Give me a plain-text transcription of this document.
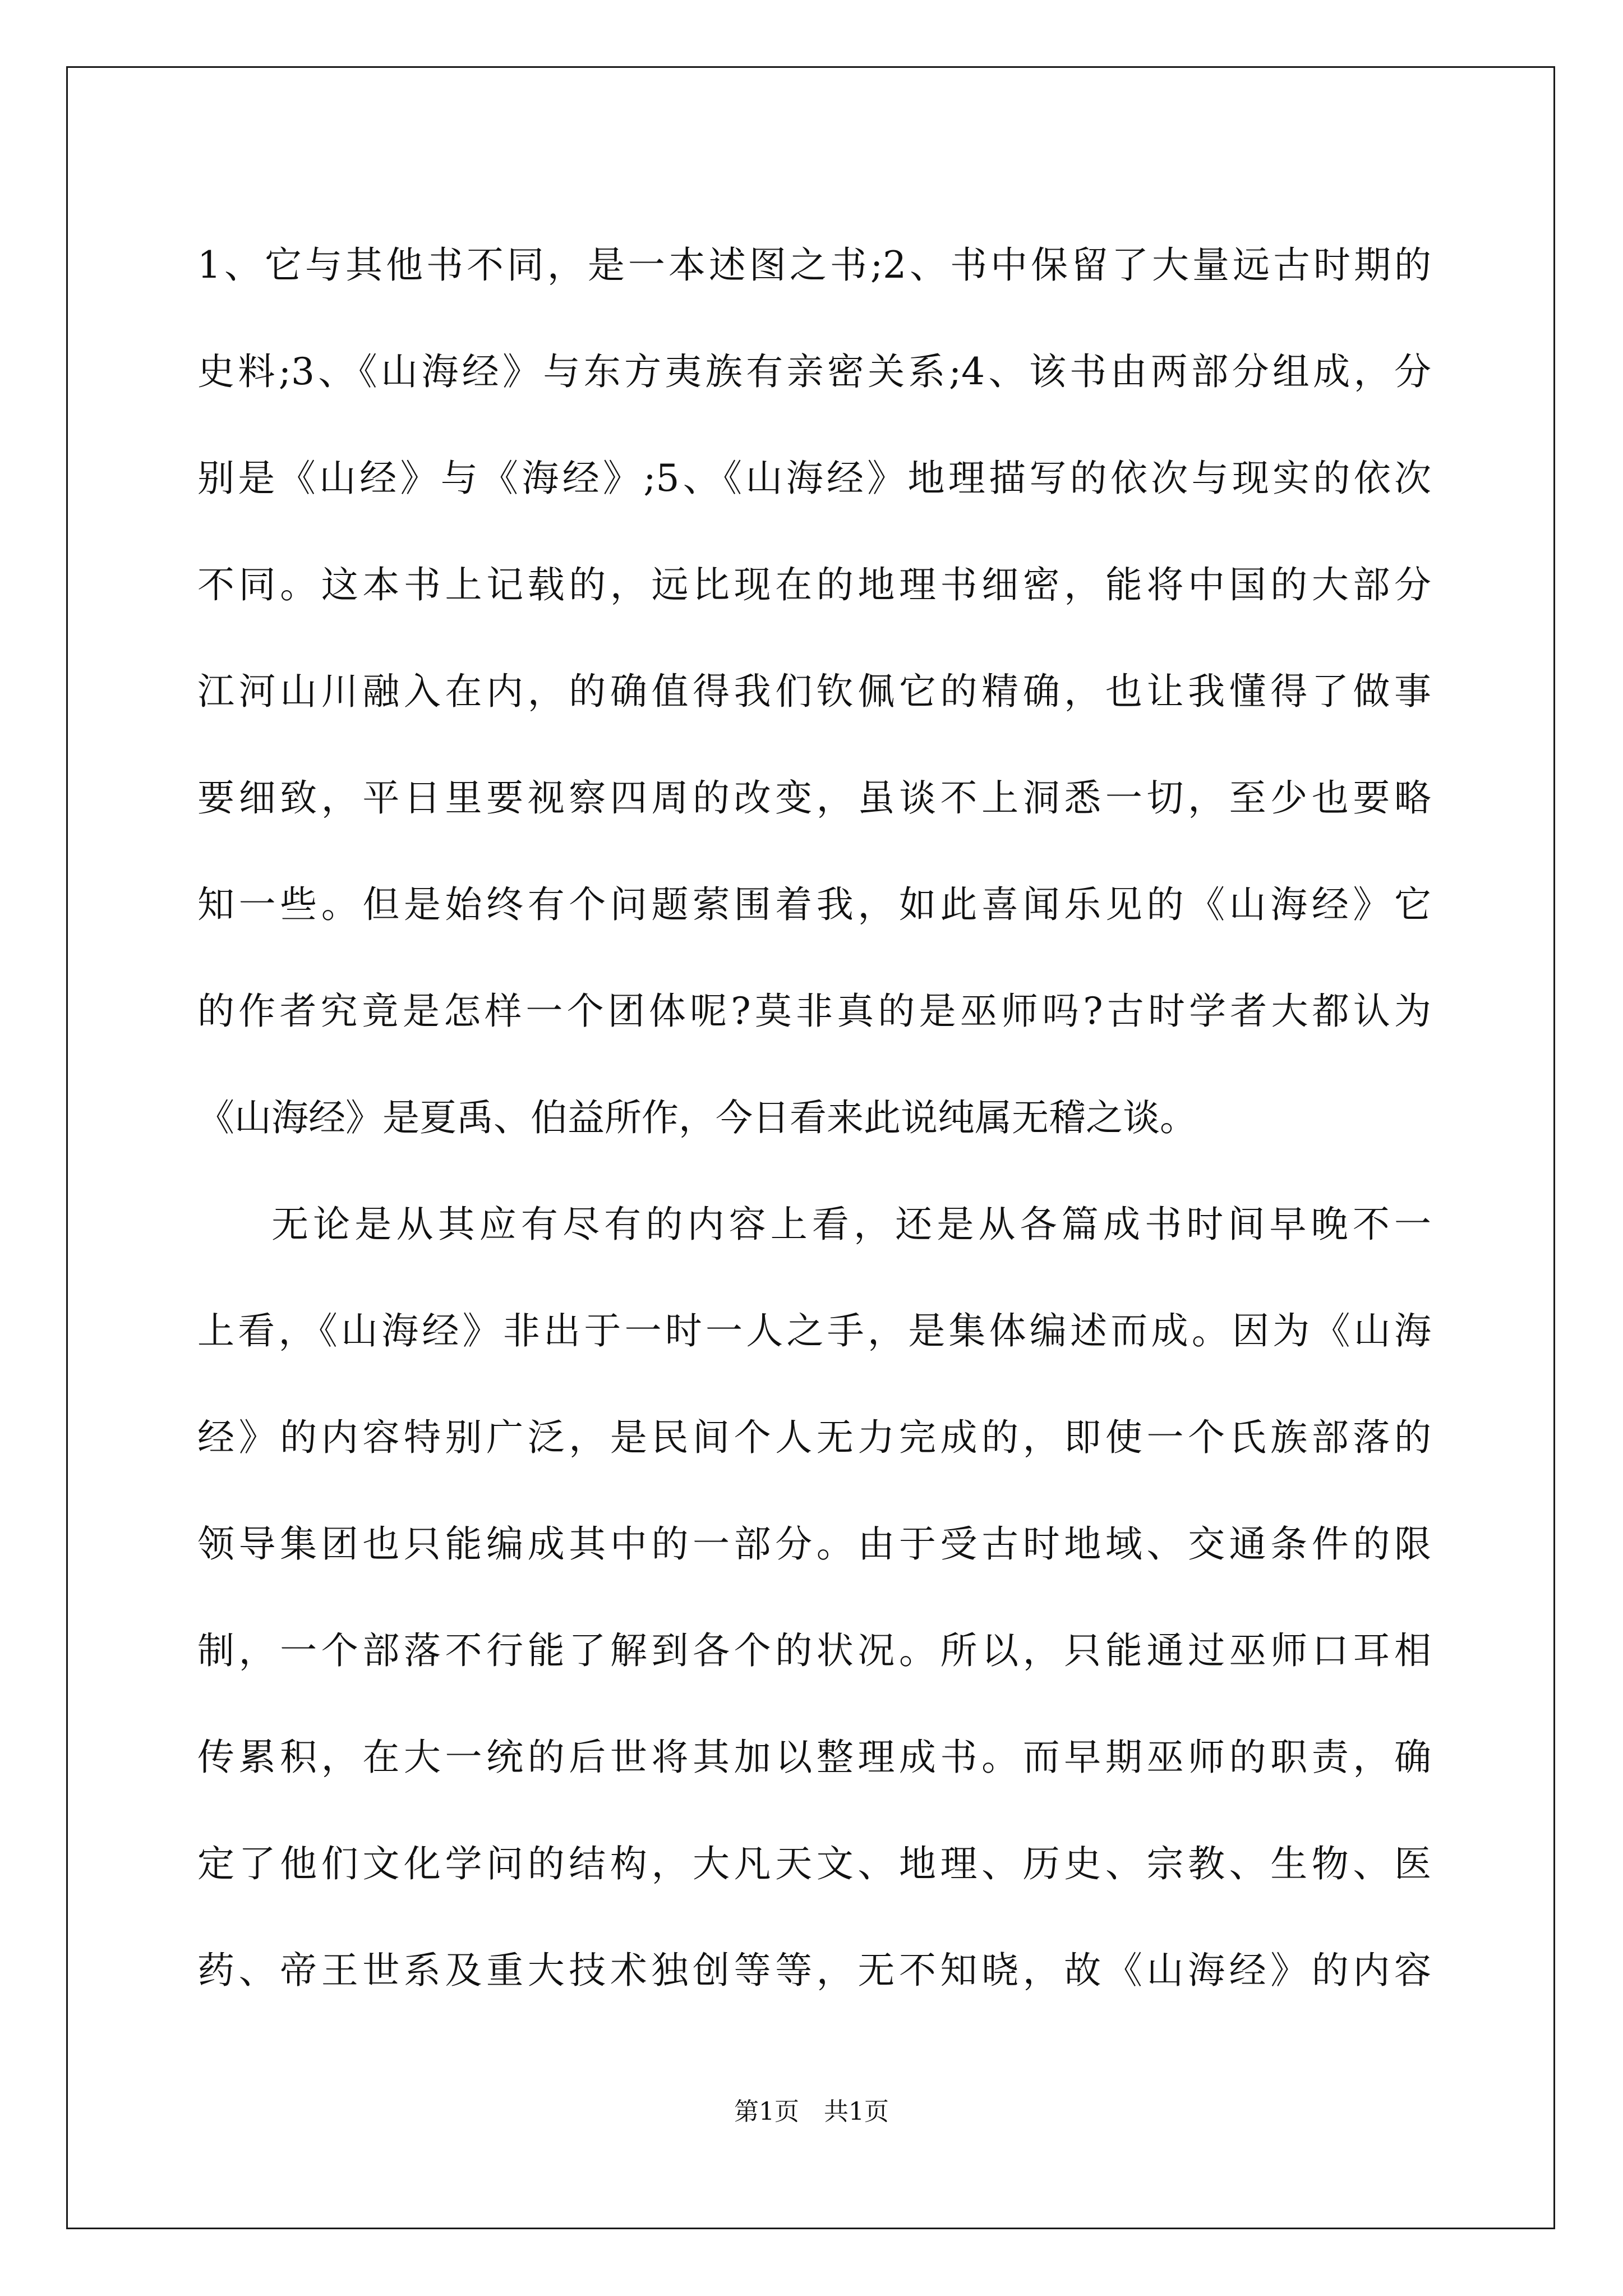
1、它与其他书不同，是一本述图之书;2、书中保留了大量远古时期的
史料;3、《山海经》与东方夷族有亲密关系;4、该书由两部分组成，分
别是《山经》与《海经》;5、《山海经》地理描写的依次与现实的依次
不同。这本书上记载的，远比现在的地理书细密，能将中国的大部分
江河山川融入在内，的确值得我们钦佩它的精确，也让我懂得了做事
要细致，平日里要视察四周的改变，虽谈不上洞悉一切，至少也要略
知一些。但是始终有个问题萦围着我，如此喜闻乐见的《山海经》它
的作者究竟是怎样一个团体呢?莫非真的是巫师吗?古时学者大都认为
《山海经》是夏禹、伯益所作，今日看来此说纯属无稽之谈。
无论是从其应有尽有的内容上看，还是从各篇成书时间早晚不一
上看，《山海经》非出于一时一人之手，是集体编述而成。因为《山海
经》的内容特别广泛，是民间个人无力完成的，即使一个氏族部落的
领导集团也只能编成其中的一部分。由于受古时地域、交通条件的限
制，一个部落不行能了解到各个的状况。所以，只能通过巫师口耳相
传累积，在大一统的后世将其加以整理成书。而早期巫师的职责，确
定了他们文化学问的结构，大凡天文、地理、历史、宗教、生物、医
药、帝王世系及重大技术独创等等，无不知晓，故《山海经》的内容
第1页　共1页
